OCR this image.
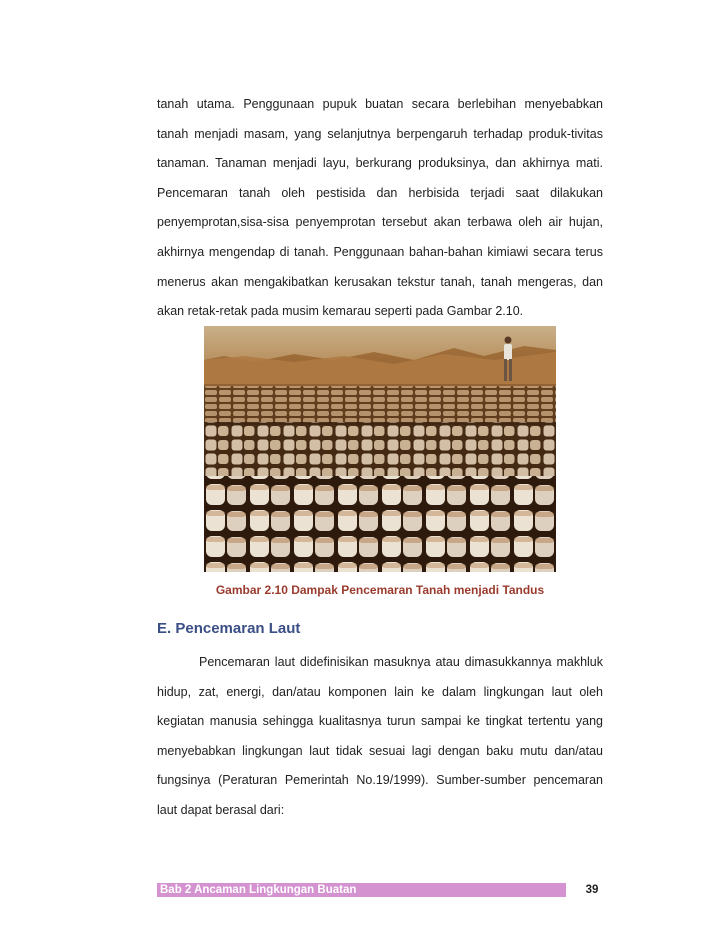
tanah utama. Penggunaan pupuk buatan secara berlebihan menyebabkan tanah menjadi masam, yang selanjutnya berpengaruh terhadap produk-tivitas tanaman. Tanaman menjadi layu, berkurang produksinya, dan akhirnya mati. Pencemaran tanah oleh pestisida dan herbisida terjadi saat dilakukan penyemprotan,sisa-sisa penyemprotan tersebut akan terbawa oleh air hujan, akhirnya mengendap di tanah. Penggunaan bahan-bahan kimiawi secara terus menerus akan mengakibatkan kerusakan tekstur tanah, tanah mengeras, dan akan retak-retak pada musim kemarau seperti pada Gambar 2.10.

Gambar 2.10 Dampak Pencemaran Tanah menjadi Tandus

E. Pencemaran Laut

Pencemaran laut didefinisikan masuknya atau dimasukkannya makhluk hidup, zat, energi, dan/atau komponen lain ke dalam lingkungan laut oleh kegiatan manusia sehingga kualitasnya turun sampai ke tingkat tertentu yang menyebabkan lingkungan laut tidak sesuai lagi dengan baku mutu dan/atau fungsinya (Peraturan Pemerintah No.19/1999). Sumber-sumber pencemaran laut dapat berasal dari:

Bab 2 Ancaman Lingkungan Buatan	39
